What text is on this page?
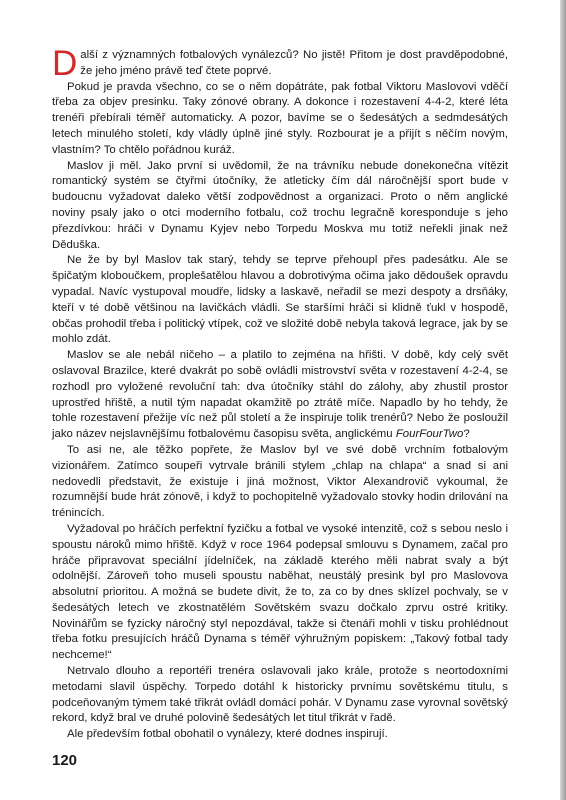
Další z významných fotbalových vynálezců? No jistě! Přitom je dost pravděpodobné, že jeho jméno právě teď čtete poprvé.

Pokud je pravda všechno, co se o něm dopátráte, pak fotbal Viktoru Maslovovi vděčí třeba za objev presinku. Taky zónové obrany. A dokonce i rozestavení 4-4-2, které léta trenéři přebírali téměř automaticky. A pozor, bavíme se o šedesátých a sedmdesátých letech minulého století, kdy vládly úplně jiné styly. Rozbourat je a přijít s něčím novým, vlastním? To chtělo pořádnou kuráž.

Maslov ji měl. Jako první si uvědomil, že na trávníku nebude donekonečna vítězit romantický systém se čtyřmi útočníky, že atleticky čím dál náročnější sport bude v budoucnu vyžadovat daleko větší zodpovědnost a organizaci. Proto o něm anglické noviny psaly jako o otci moderního fotbalu, což trochu legračně koresponduje s jeho přezdívkou: hráči v Dynamu Kyjev nebo Torpedu Moskva mu totiž neřekli jinak než Děduška.

Ne že by byl Maslov tak starý, tehdy se teprve přehoupl přes padesátku. Ale se špičatým kloboučkem, proplešatělou hlavou a dobrotivýma očima jako dědoušek opravdu vypadal. Navíc vystupoval moudře, lidsky a laskavě, neřadil se mezi despoty a drsňáky, kteří v té době většinou na lavičkách vládli. Se staršími hráči si klidně ťukl v hospodě, občas prohodil třeba i politický vtípek, což ve složité době nebyla taková legrace, jak by se mohlo zdát.

Maslov se ale nebál ničeho – a platilo to zejména na hřišti. V době, kdy celý svět oslavoval Brazilce, které dvakrát po sobě ovládli mistrovství světa v rozestavení 4-2-4, se rozhodl pro vyložené revoluční tah: dva útočníky stáhl do zálohy, aby zhustil prostor uprostřed hřiště, a nutil tým napadat okamžitě po ztrátě míče. Napadlo by ho tehdy, že tohle rozestavení přežije víc než půl století a že inspiruje tolik trenérů? Nebo že posloužil jako název nejslavnějšímu fotbalovému časopisu světa, anglickému FourFourTwo?

To asi ne, ale těžko popřete, že Maslov byl ve své době vrchním fotbalovým vizionářem. Zatímco soupeři vytrvale bránili stylem „chlap na chlapa“ a snad si ani nedovedli představit, že existuje i jiná možnost, Viktor Alexandrovič vykoumal, že rozumnější bude hrát zónově, i když to pochopitelně vyžadovalo stovky hodin drilování na trénincích.

Vyžadoval po hráčích perfektní fyzičku a fotbal ve vysoké intenzitě, což s sebou neslo i spoustu nároků mimo hřiště. Když v roce 1964 podepsal smlouvu s Dynamem, začal pro hráče připravovat speciální jídelníček, na základě kterého měli nabrat svaly a být odolnější. Zároveň toho museli spoustu naběhat, neustálý presink byl pro Maslovova absolutní prioritou. A možná se budete divit, že to, za co by dnes sklízel pochvaly, se v šedesátých letech ve zkostnatělém Sovětském svazu dočkalo zprvu ostré kritiky. Novinářům se fyzicky náročný styl nepozdával, takže si čtenáři mohli v tisku prohlédnout třeba fotku presujících hráčů Dynama s téměř výhružným popiskem: „Takový fotbal tady nechceme!“

Netrvalo dlouho a reportéři trenéra oslavovali jako krále, protože s neortodoxními metodami slavil úspěchy. Torpedo dotáhl k historicky prvnímu sovětskému titulu, s podceňovaným týmem také třikrát ovládl domácí pohár. V Dynamu zase vyrovnal sovětský rekord, když bral ve druhé polovině šedesátých let titul třikrát v řadě.

Ale především fotbal obohatil o vynálezy, které dodnes inspirují.

120
